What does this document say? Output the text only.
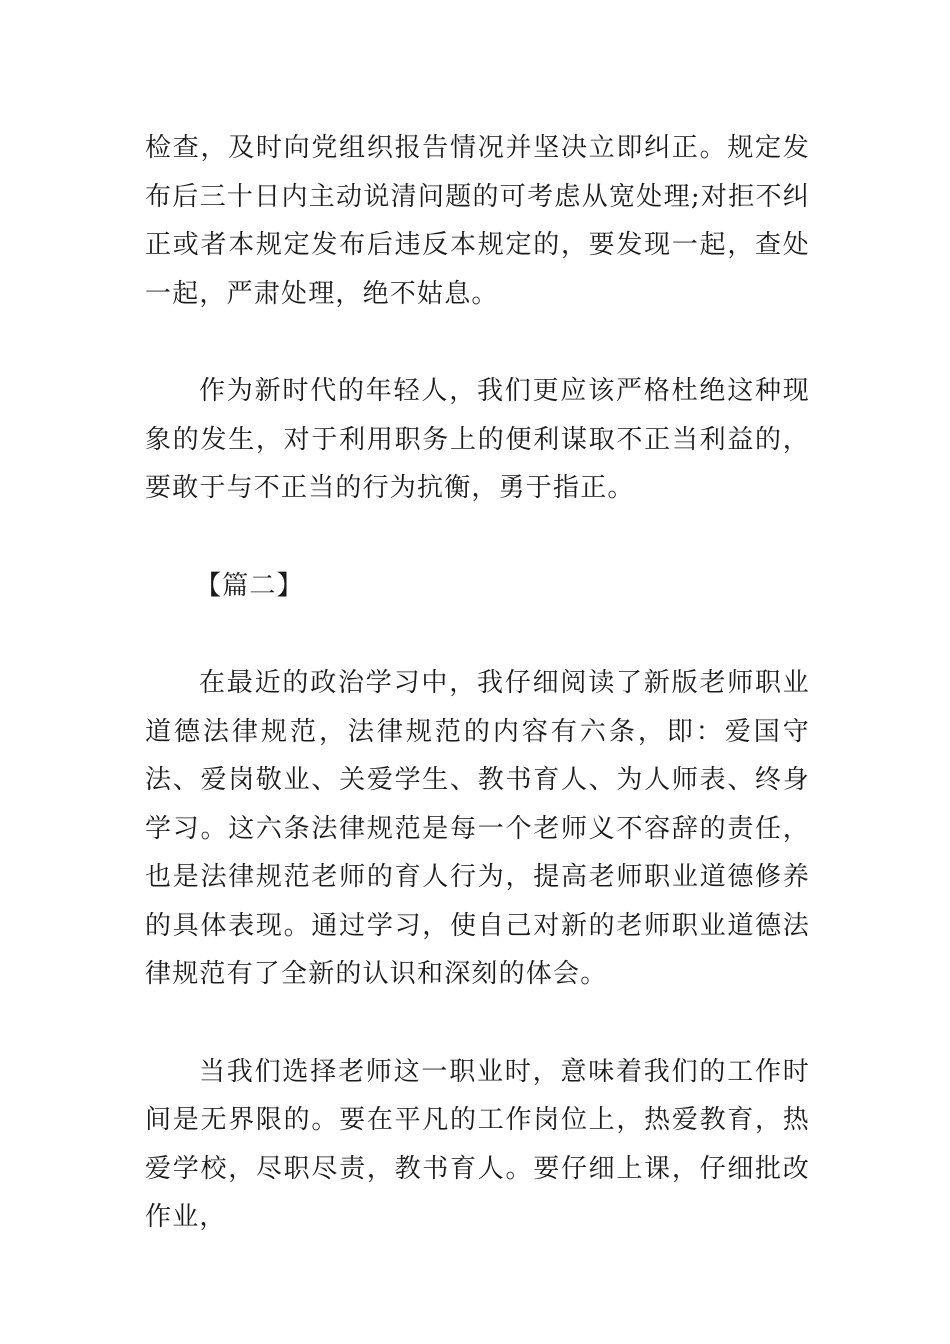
检查，及时向党组织报告情况并坚决立即纠正。规定发布后三十日内主动说清问题的可考虑从宽处理;对拒不纠正或者本规定发布后违反本规定的，要发现一起，查处一起，严肃处理，绝不姑息。

作为新时代的年轻人，我们更应该严格杜绝这种现象的发生，对于利用职务上的便利谋取不正当利益的，要敢于与不正当的行为抗衡，勇于指正。

【篇二】

在最近的政治学习中，我仔细阅读了新版老师职业道德法律规范，法律规范的内容有六条，即：爱国守法、爱岗敬业、关爱学生、教书育人、为人师表、终身学习。这六条法律规范是每一个老师义不容辞的责任，也是法律规范老师的育人行为，提高老师职业道德修养的具体表现。通过学习，使自己对新的老师职业道德法律规范有了全新的认识和深刻的体会。

当我们选择老师这一职业时，意味着我们的工作时间是无界限的。要在平凡的工作岗位上，热爱教育，热爱学校，尽职尽责，教书育人。要仔细上课，仔细批改作业，
